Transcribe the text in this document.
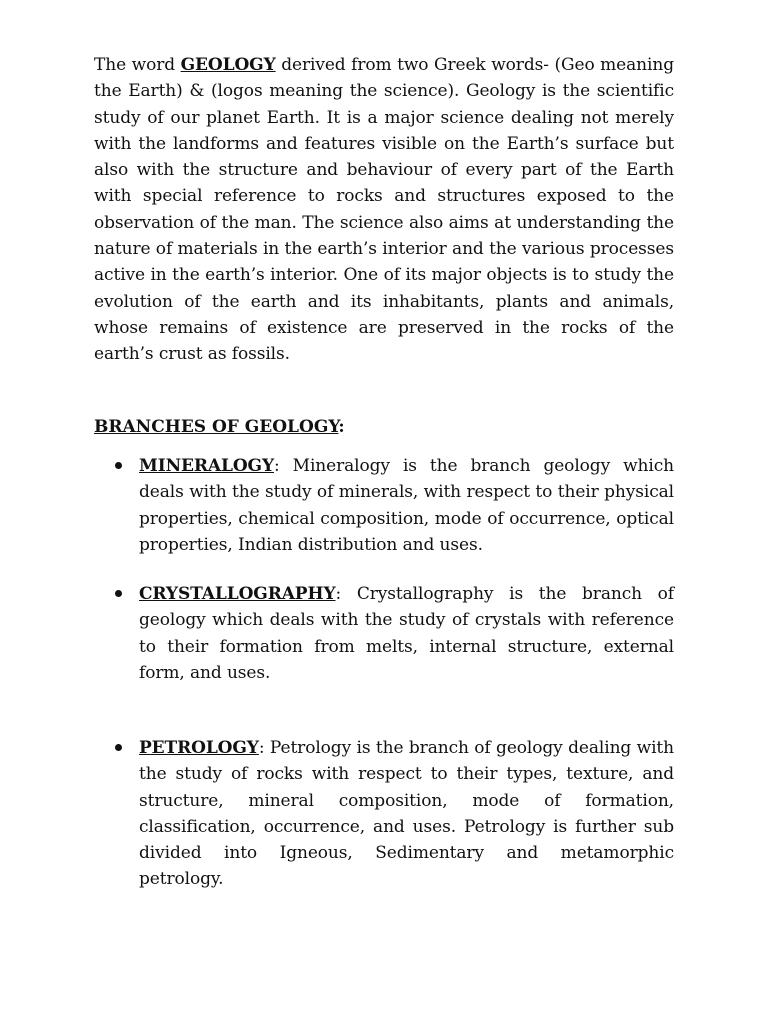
The word GEOLOGY derived from two Greek words- (Geo meaning the Earth) & (logos meaning the science). Geology is the scientific study of our planet Earth. It is a major science dealing not merely with the landforms and features visible on the Earth’s surface but also with the structure and behaviour of every part of the Earth with special reference to rocks and structures exposed to the observation of the man. The science also aims at understanding the nature of materials in the earth’s interior and the various processes active in the earth’s interior. One of its major objects is to study the evolution of the earth and its inhabitants, plants and animals, whose remains of existence are preserved in the rocks of the earth’s crust as fossils.

BRANCHES OF GEOLOGY:
MINERALOGY: Mineralogy is the branch geology which deals with the study of minerals, with respect to their physical properties, chemical composition, mode of occurrence, optical properties, Indian distribution and uses.
CRYSTALLOGRAPHY: Crystallography is the branch of geology which deals with the study of crystals with reference to their formation from melts, internal structure, external form, and uses.
PETROLOGY: Petrology is the branch of geology dealing with the study of rocks with respect to their types, texture, and structure, mineral composition, mode of formation, classification, occurrence, and uses. Petrology is further sub divided into Igneous, Sedimentary and metamorphic petrology.
